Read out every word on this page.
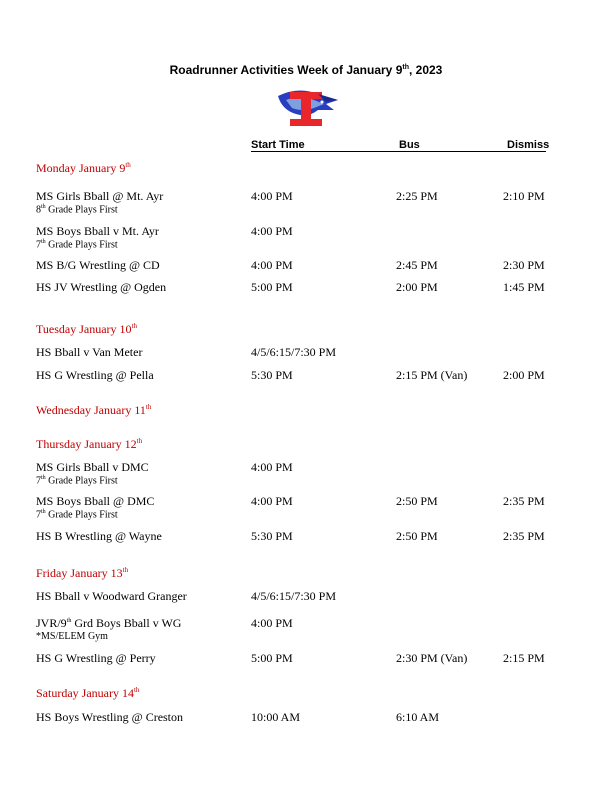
Roadrunner Activities Week of January 9th, 2023
Start Time	Bus	Dismiss
Monday January 9th
MS Girls Bball @ Mt. Ayr
8th Grade Plays First
4:00 PM	2:25 PM	2:10 PM
MS Boys Bball v Mt. Ayr
7th Grade Plays First
4:00 PM
MS B/G Wrestling @ CD	4:00 PM	2:45 PM	2:30 PM
HS JV Wrestling @ Ogden	5:00 PM	2:00 PM	1:45 PM
Tuesday January 10th
HS Bball v Van Meter	4/5/6:15/7:30 PM
HS G Wrestling @ Pella	5:30 PM	2:15 PM (Van)	2:00 PM
Wednesday January 11th
Thursday January 12th
MS Girls Bball v DMC
7th Grade Plays First
4:00 PM
MS Boys Bball @ DMC
7th Grade Plays First
4:00 PM	2:50 PM	2:35 PM
HS B Wrestling @ Wayne	5:30 PM	2:50 PM	2:35 PM
Friday January 13th
HS Bball v Woodward Granger	4/5/6:15/7:30 PM
JVR/9th Grd Boys Bball v WG
*MS/ELEM Gym
4:00 PM
HS G Wrestling @ Perry	5:00 PM	2:30 PM (Van)	2:15 PM
Saturday January 14th
HS Boys Wrestling @ Creston	10:00 AM	6:10 AM
